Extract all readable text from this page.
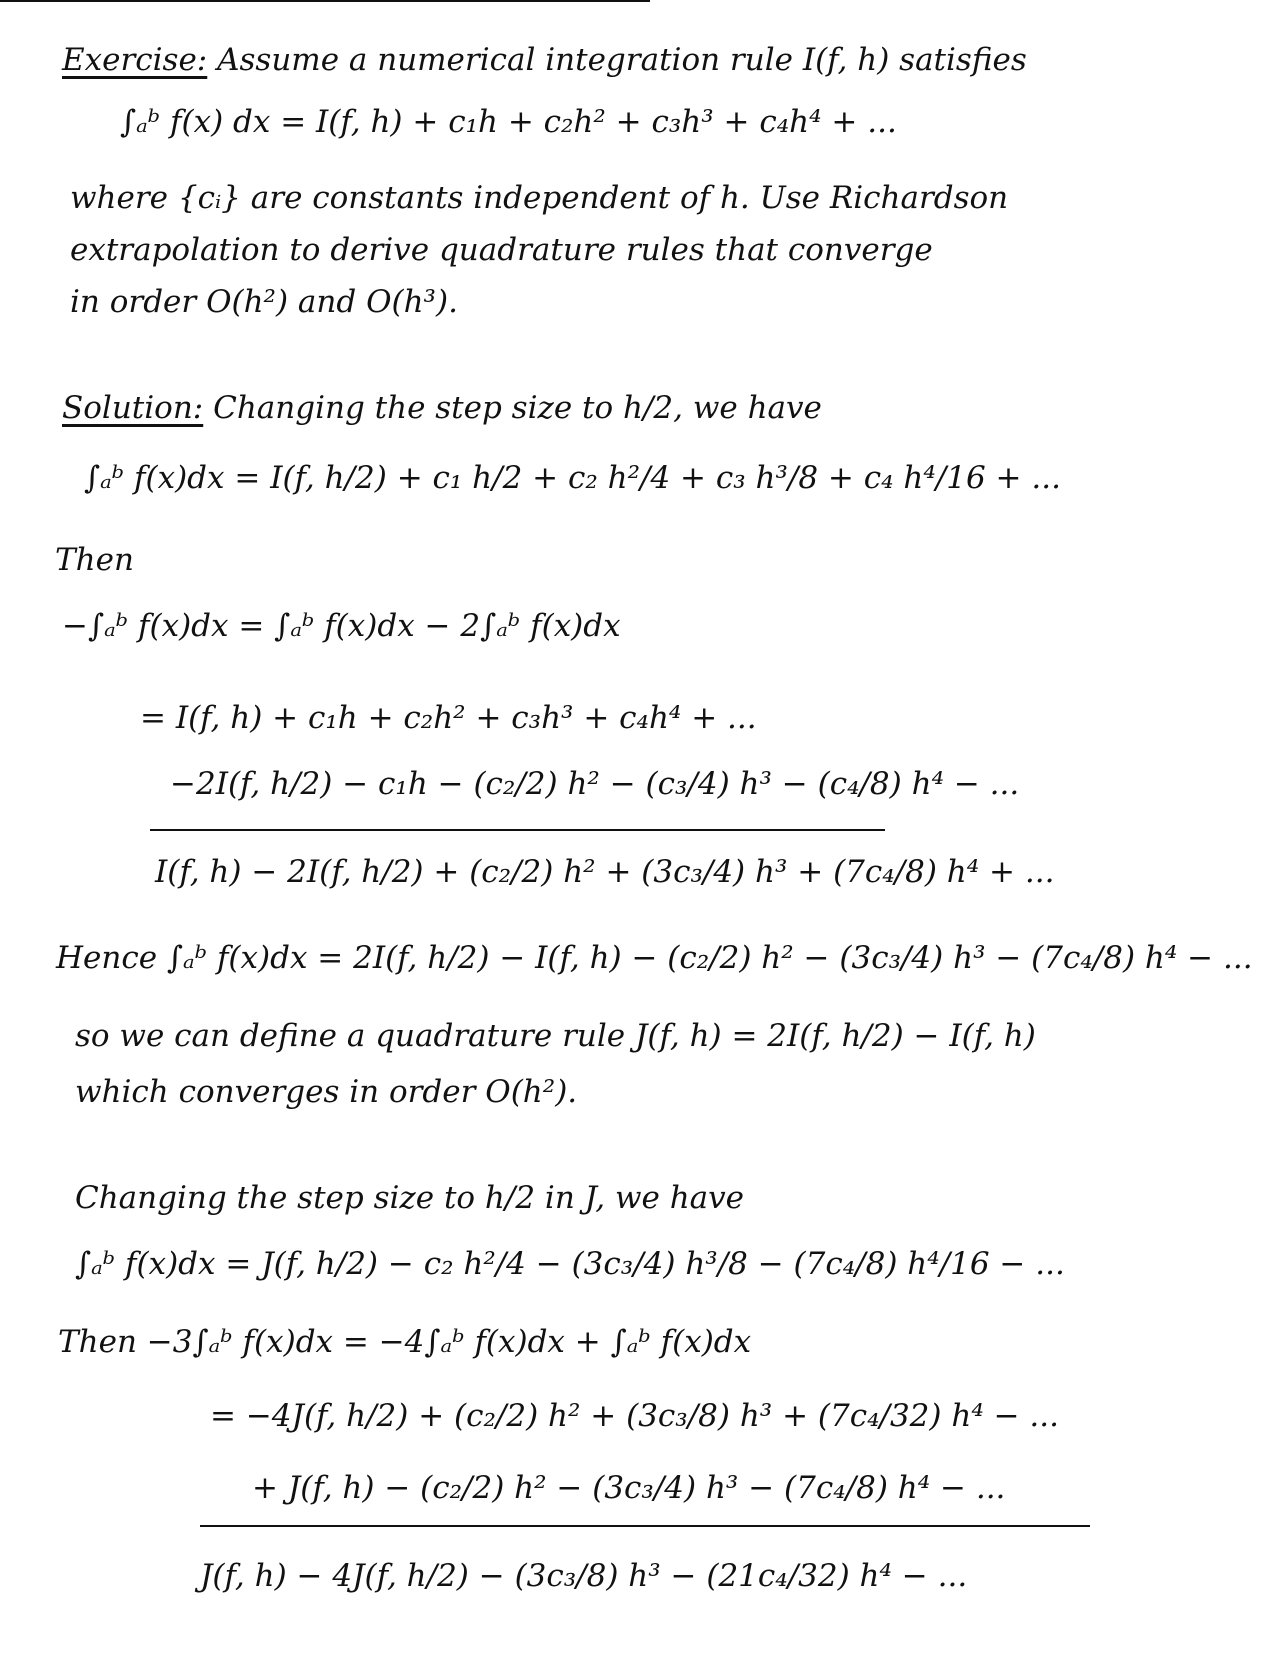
Exercise: Assume a numerical integration rule I(f, h) satisfies
∫ₐᵇ f(x) dx = I(f, h) + c₁h + c₂h² + c₃h³ + c₄h⁴ + ...
where {cᵢ} are constants independent of h. Use Richardson
extrapolation to derive quadrature rules that converge
in order O(h²) and O(h³).
Solution: Changing the step size to h/2, we have
∫ₐᵇ f(x)dx = I(f, h/2) + c₁ h/2 + c₂ h²/4 + c₃ h³/8 + c₄ h⁴/16 + ...
Then
−∫ₐᵇ f(x)dx = ∫ₐᵇ f(x)dx − 2∫ₐᵇ f(x)dx
= I(f, h) + c₁h + c₂h² + c₃h³ + c₄h⁴ + ...
−2I(f, h/2) − c₁h − (c₂/2) h² − (c₃/4) h³ − (c₄/8) h⁴ − ...
I(f, h) − 2I(f, h/2) + (c₂/2) h² + (3c₃/4) h³ + (7c₄/8) h⁴ + ...
Hence ∫ₐᵇ f(x)dx = 2I(f, h/2) − I(f, h) − (c₂/2) h² − (3c₃/4) h³ − (7c₄/8) h⁴ − ...
so we can define a quadrature rule J(f, h) = 2I(f, h/2) − I(f, h)
which converges in order O(h²).
Changing the step size to h/2 in J, we have
∫ₐᵇ f(x)dx = J(f, h/2) − c₂ h²/4 − (3c₃/4) h³/8 − (7c₄/8) h⁴/16 − ...
Then −3∫ₐᵇ f(x)dx = −4∫ₐᵇ f(x)dx + ∫ₐᵇ f(x)dx
= −4J(f, h/2) + (c₂/2) h² + (3c₃/8) h³ + (7c₄/32) h⁴ − ...
+ J(f, h) − (c₂/2) h² − (3c₃/4) h³ − (7c₄/8) h⁴ − ...
J(f, h) − 4J(f, h/2) − (3c₃/8) h³ − (21c₄/32) h⁴ − ...
